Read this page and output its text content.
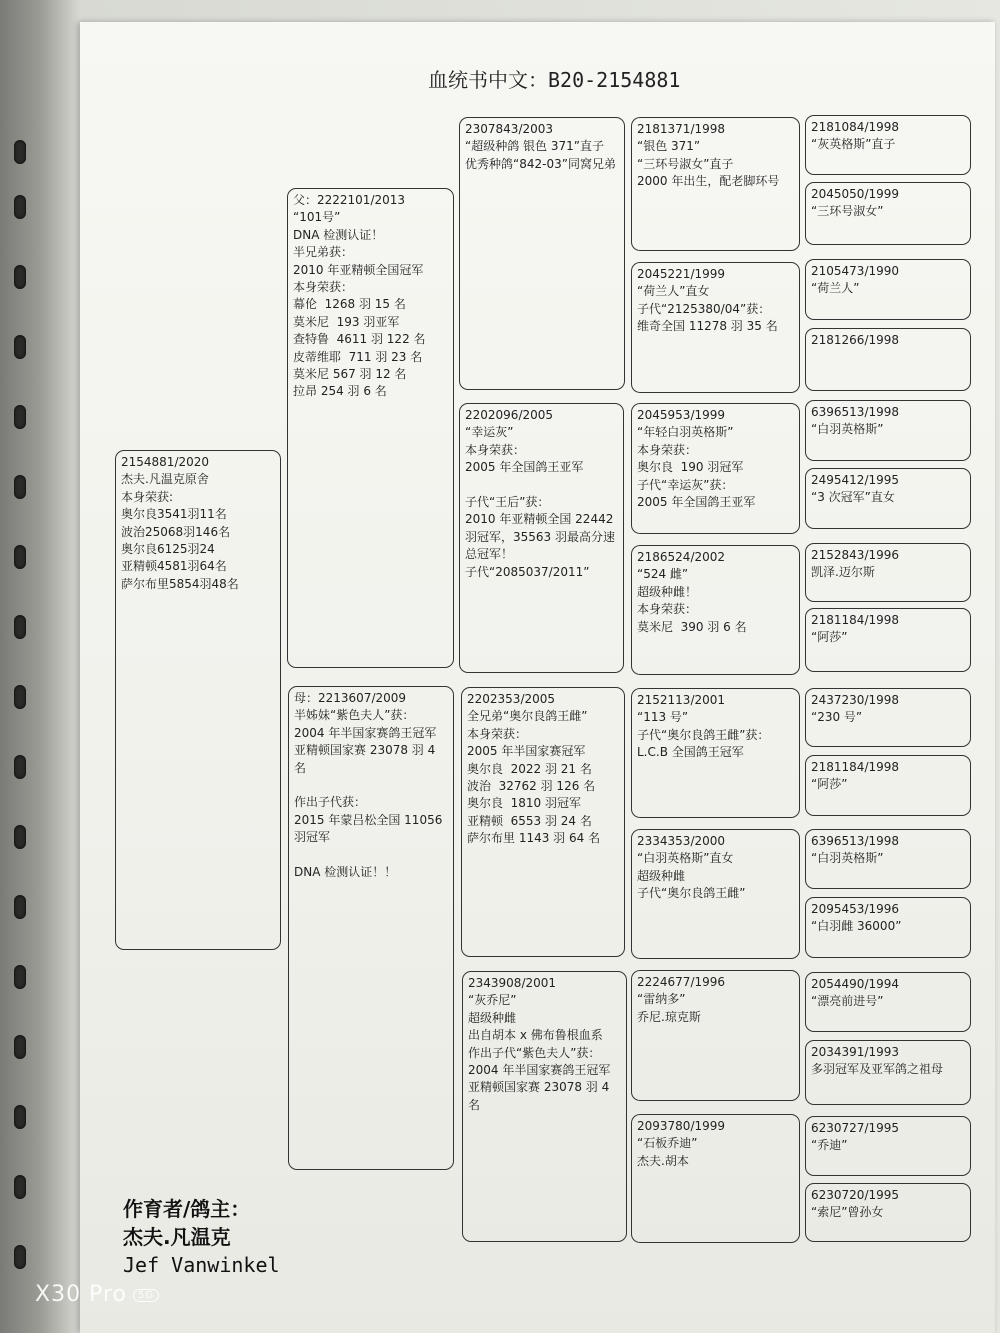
血统书中文：B20-2154881
2154881/2020
杰夫.凡温克原舍
本身荣获:
奥尔良3541羽11名
波治25068羽146名
奥尔良6125羽24
亚精顿4581羽64名
萨尔布里5854羽48名
父：2222101/2013
“101号”
DNA 检测认证！
半兄弟获：
2010 年亚精顿全国冠军
本身荣获：
幕伦  1268 羽 15 名
莫米尼  193 羽亚军
查特鲁  4611 羽 122 名
皮蒂维耶  711 羽 23 名
莫米尼 567 羽 12 名
拉昂 254 羽 6 名
母：2213607/2009
半姊妹“紫色夫人”获：
2004 年半国家赛鸽王冠军
亚精顿国家赛 23078 羽 4 名

作出子代获：
2015 年蒙吕松全国 11056 羽冠军

DNA 检测认证！！
2307843/2003
“超级种鸽 银色 371”直子
优秀种鸽“842-03”同窝兄弟
2202096/2005
“幸运灰”
本身荣获：
2005 年全国鸽王亚军

子代“王后”获：
2010 年亚精顿全国 22442 羽冠军，35563 羽最高分速总冠军！
子代“2085037/2011”
2202353/2005
全兄弟“奥尔良鸽王雌”
本身荣获：
2005 年半国家赛冠军
奥尔良  2022 羽 21 名
波治  32762 羽 126 名
奥尔良  1810 羽冠军
亚精顿  6553 羽 24 名
萨尔布里 1143 羽 64 名
2343908/2001
“灰乔尼”
超级种雌
出自胡本 x 佛布鲁根血系
作出子代“紫色夫人”获：
2004 年半国家赛鸽王冠军
亚精顿国家赛 23078 羽 4 名
2181371/1998
“银色 371”
“三环号淑女”直子
2000 年出生，配老脚环号
2045221/1999
“荷兰人”直女
子代“2125380/04”获：
维奇全国 11278 羽 35 名
2045953/1999
“年轻白羽英格斯”
本身荣获：
奥尔良  190 羽冠军
子代“幸运灰”获：
2005 年全国鸽王亚军
2186524/2002
“524 雌”
超级种雌！
本身荣获：
莫米尼  390 羽 6 名
2152113/2001
“113 号”
子代“奥尔良鸽王雌”获：
L.C.B 全国鸽王冠军
2334353/2000
“白羽英格斯”直女
超级种雌
子代“奥尔良鸽王雌”
2224677/1996
“雷纳多”
乔尼.琼克斯
2093780/1999
“石板乔迪”
杰夫.胡本
2181084/1998
“灰英格斯”直子
2045050/1999
“三环号淑女”
2105473/1990
“荷兰人”
2181266/1998
6396513/1998
“白羽英格斯”
2495412/1995
“3 次冠军”直女
2152843/1996
凯泽.迈尔斯
2181184/1998
“阿莎”
2437230/1998
“230 号”
2181184/1998
“阿莎”
6396513/1998
“白羽英格斯”
2095453/1996
“白羽雌 36000”
2054490/1994
“漂亮前进号”
2034391/1993
多羽冠军及亚军鸽之祖母
6230727/1995
“乔迪”
6230720/1995
“索尼”曾孙女
作育者/鸽主：
杰夫.凡温克
Jef Vanwinkel
X30 Pro 5G
